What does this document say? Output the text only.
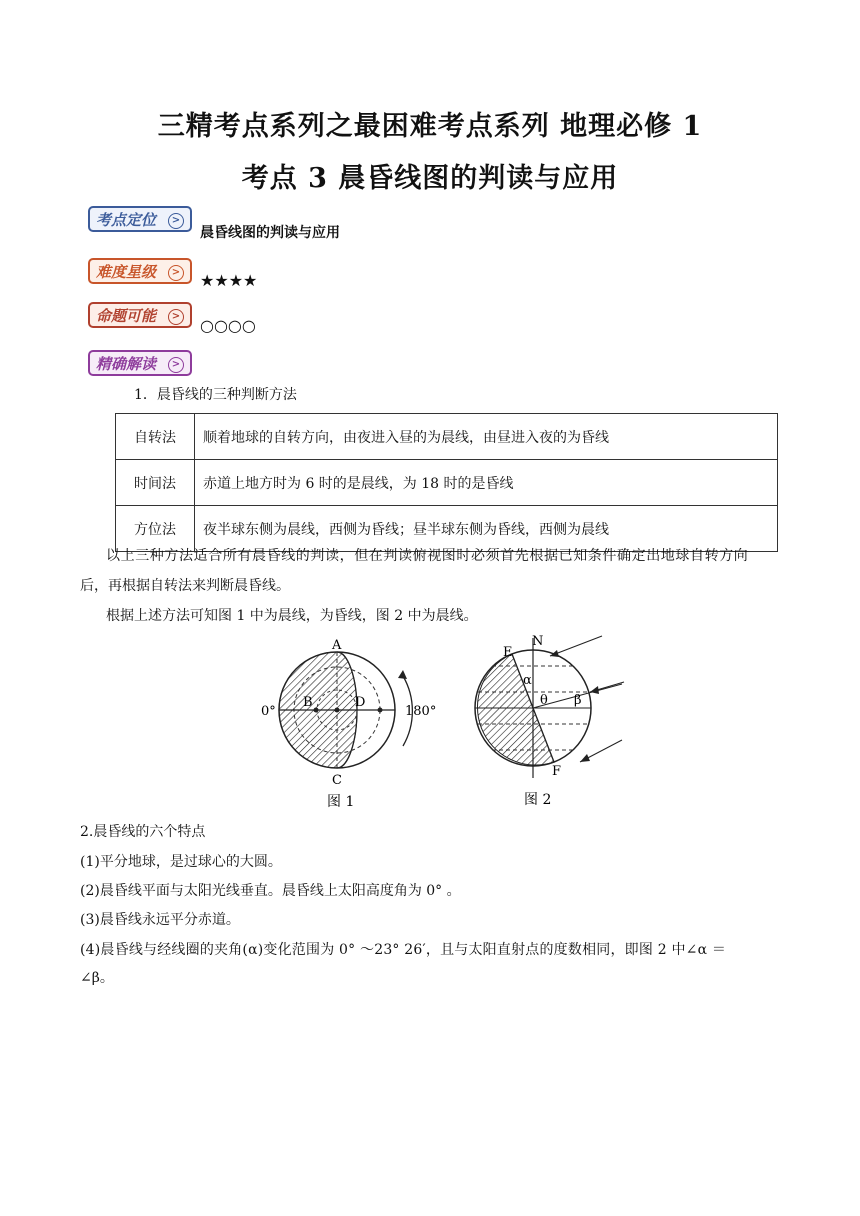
三精考点系列之最困难考点系列 地理必修 1
考点 3 晨昏线图的判读与应用
考点定位	>
晨昏线图的判读与应用
难度星级	> ★★★★
命题可能	> ○○○○
精确解读	>
1．晨昏线的三种判断方法
自转法	顺着地球的自转方向，由夜进入昼的为晨线，由昼进入夜的为昏线
时间法	赤道上地方时为 6 时的是晨线，为 18 时的是昏线
方位法	夜半球东侧为晨线，西侧为昏线；昼半球东侧为昏线，西侧为晨线
以上三种方法适合所有晨昏线的判读，但在判读俯视图时必须首先根据已知条件确定出地球自转方向
后，再根据自转法来判断晨昏线。
根据上述方法可知图 1 中为晨线，为昏线，图 2 中为晨线。
A
B
C
D
0°	180°
图 1
N
E
F
α
θ β
图 2
2.晨昏线的六个特点
(1)平分地球，是过球心的大圆。
(2)晨昏线平面与太阳光线垂直。晨昏线上太阳高度角为 0° 。
(3)晨昏线永远平分赤道。
(4)晨昏线与经线圈的夹角(α)变化范围为 0° ～23° 26′，且与太阳直射点的度数相同，即图 2 中∠α ＝
∠β。
